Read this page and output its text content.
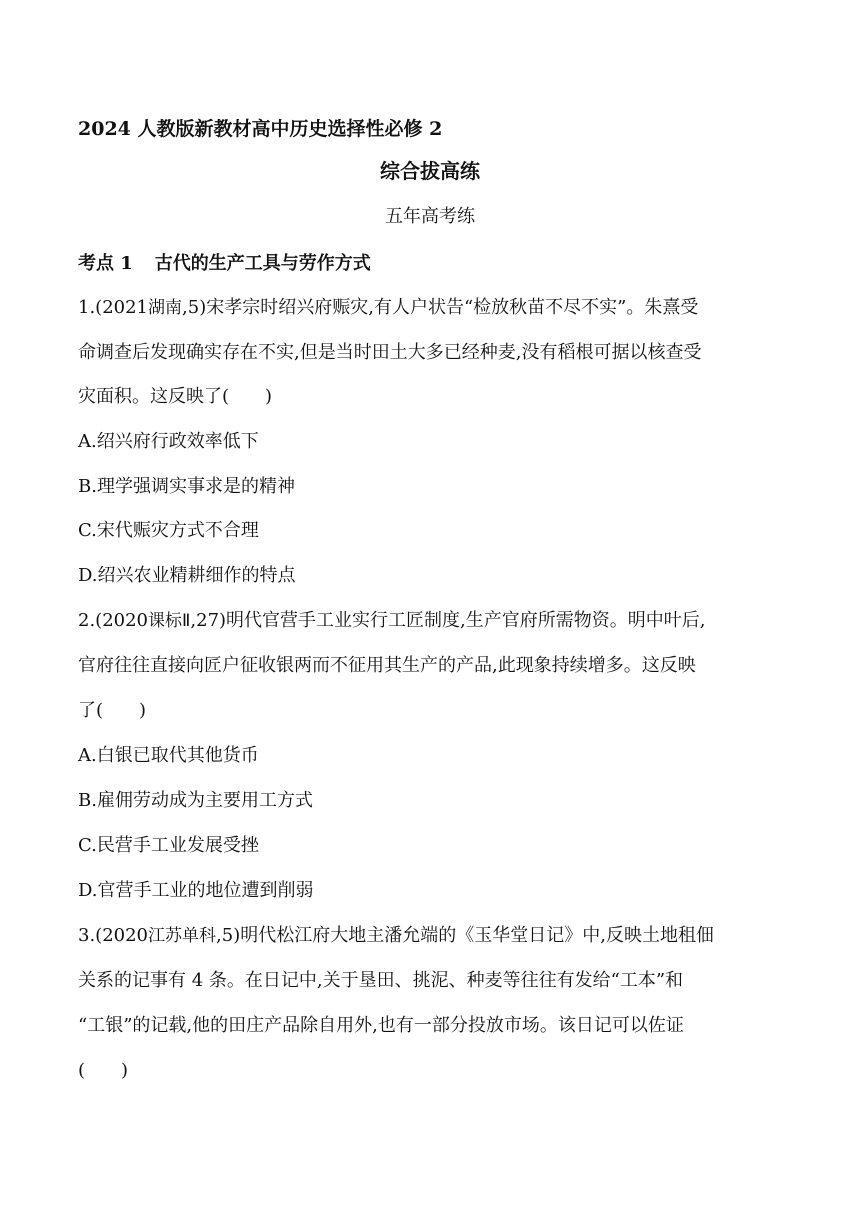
2024 人教版新教材高中历史选择性必修 2
综合拔高练
五年高考练
考点 1 古代的生产工具与劳作方式
1.(2021湖南,5)宋孝宗时绍兴府赈灾,有人户状告“检放秋苗不尽不实”。朱熹受
命调查后发现确实存在不实,但是当时田土大多已经种麦,没有稻根可据以核查受
灾面积。这反映了(　　)
A.绍兴府行政效率低下
B.理学强调实事求是的精神
C.宋代赈灾方式不合理
D.绍兴农业精耕细作的特点
2.(2020课标Ⅱ,27)明代官营手工业实行工匠制度,生产官府所需物资。明中叶后,
官府往往直接向匠户征收银两而不征用其生产的产品,此现象持续增多。这反映
了(　　)
A.白银已取代其他货币
B.雇佣劳动成为主要用工方式
C.民营手工业发展受挫
D.官营手工业的地位遭到削弱
3.(2020江苏单科,5)明代松江府大地主潘允端的《玉华堂日记》中,反映土地租佃
关系的记事有 4 条。在日记中,关于垦田、挑泥、种麦等往往有发给“工本”和
“工银”的记载,他的田庄产品除自用外,也有一部分投放市场。该日记可以佐证
(　　)
